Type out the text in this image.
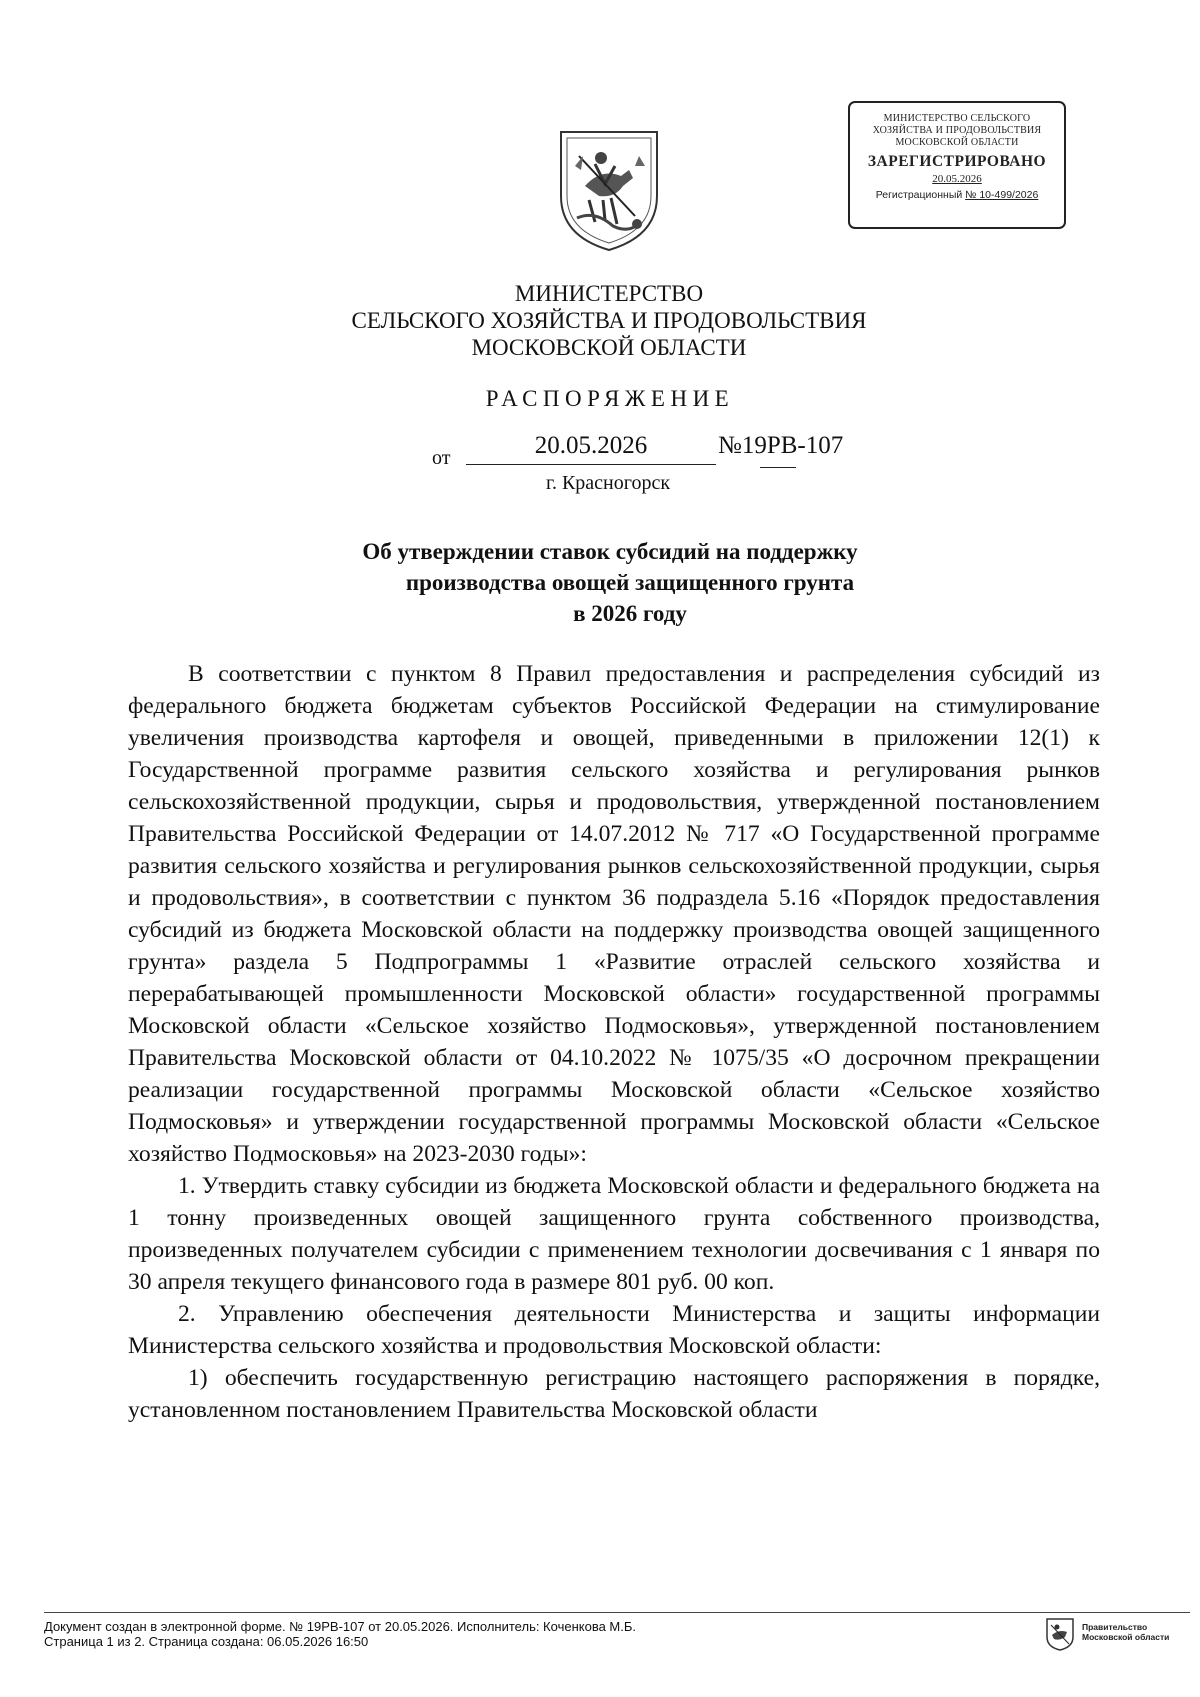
МИНИСТЕРСТВО СЕЛЬСКОГО
ХОЗЯЙСТВА И ПРОДОВОЛЬСТВИЯ
МОСКОВСКОЙ ОБЛАСТИ
ЗАРЕГИСТРИРОВАНО
20.05.2026
Регистрационный № 10-499/2026
МИНИСТЕРСТВО
СЕЛЬСКОГО ХОЗЯЙСТВА И ПРОДОВОЛЬСТВИЯ
МОСКОВСКОЙ ОБЛАСТИ
РАСПОРЯЖЕНИЕ
от	20.05.2026	№19РВ-107
г. Красногорск
Об утверждении ставок субсидий на поддержку
производства овощей защищенного грунта
в 2026 году

В соответствии с пунктом 8 Правил предоставления и распределения субсидий из федерального бюджета бюджетам субъектов Российской Федерации на стимулирование увеличения производства картофеля и овощей, приведенными в приложении 12(1) к Государственной программе развития сельского хозяйства и регулирования рынков сельскохозяйственной продукции, сырья и продовольствия, утвержденной постановлением Правительства Российской Федерации от 14.07.2012 № 717 «О Государственной программе развития сельского хозяйства и регулирования рынков сельскохозяйственной продукции, сырья и продовольствия», в соответствии с пунктом 36 подраздела 5.16 «Порядок предоставления субсидий из бюджета Московской области на поддержку производства овощей защищенного грунта» раздела 5 Подпрограммы 1 «Развитие отраслей сельского хозяйства и перерабатывающей промышленности Московской области» государственной программы Московской области «Сельское хозяйство Подмосковья», утвержденной постановлением Правительства Московской области от 04.10.2022 № 1075/35 «О досрочном прекращении реализации государственной программы Московской области «Сельское хозяйство Подмосковья» и утверждении государственной программы Московской области «Сельское хозяйство Подмосковья» на 2023-2030 годы»:

1. Утвердить ставку субсидии из бюджета Московской области и федерального бюджета на 1 тонну произведенных овощей защищенного грунта собственного производства, произведенных получателем субсидии с применением технологии досвечивания с 1 января по 30 апреля текущего финансового года в размере 801 руб. 00 коп.

2. Управлению обеспечения деятельности Министерства и защиты информации Министерства сельского хозяйства и продовольствия Московской области:

1) обеспечить государственную регистрацию настоящего распоряжения в порядке, установленном постановлением Правительства Московской области

Документ создан в электронной форме. № 19РВ-107 от 20.05.2026. Исполнитель: Коченкова М.Б.
Страница 1 из 2. Страница создана: 06.05.2026 16:50
Правительство
Московской области
